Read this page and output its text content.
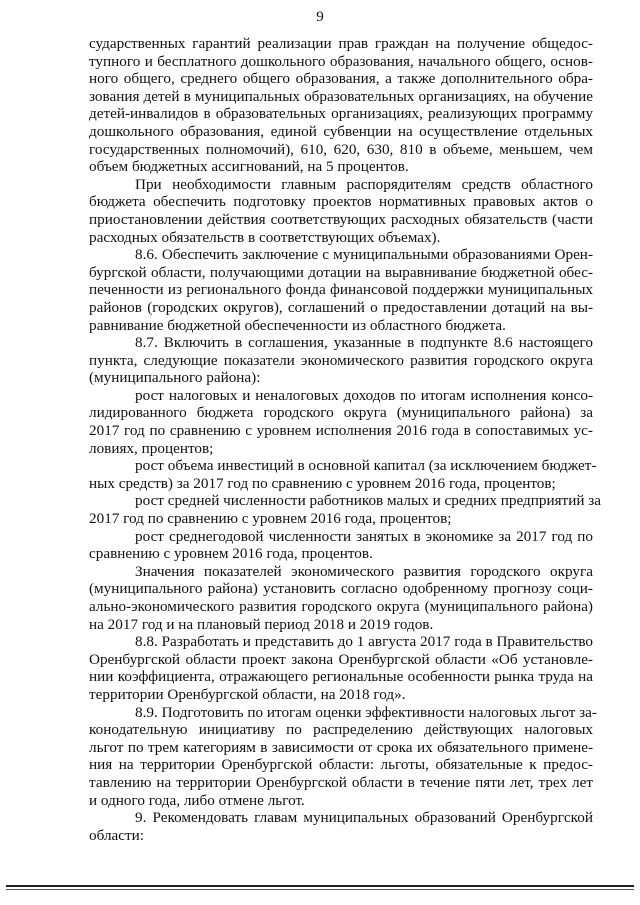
9

сударственных гарантий реализации прав граждан на получение общедос-
тупного и бесплатного дошкольного образования, начального общего, основ-
ного общего, среднего общего образования, а также дополнительного обра-
зования детей в муниципальных образовательных организациях, на обучение
детей-инвалидов в образовательных организациях, реализующих программу
дошкольного образования, единой субвенции на осуществление отдельных
государственных полномочий), 610, 620, 630, 810 в объеме, меньшем, чем
объем бюджетных ассигнований, на 5 процентов.

При необходимости главным распорядителям средств областного
бюджета обеспечить подготовку проектов нормативных правовых актов о
приостановлении действия соответствующих расходных обязательств (части
расходных обязательств в соответствующих объемах).

8.6. Обеспечить заключение с муниципальными образованиями Орен-
бургской области, получающими дотации на выравнивание бюджетной обес-
печенности из регионального фонда финансовой поддержки муниципальных
районов (городских округов), соглашений о предоставлении дотаций на вы-
равнивание бюджетной обеспеченности из областного бюджета.

8.7. Включить в соглашения, указанные в подпункте 8.6 настоящего
пункта, следующие показатели экономического развития городского округа
(муниципального района):

рост налоговых и неналоговых доходов по итогам исполнения консо-
лидированного бюджета городского округа (муниципального района) за
2017 год по сравнению с уровнем исполнения 2016 года в сопоставимых ус-
ловиях, процентов;

рост объема инвестиций в основной капитал (за исключением бюджет-
ных средств) за 2017 год по сравнению с уровнем 2016 года, процентов;

рост средней численности работников малых и средних предприятий за
2017 год по сравнению с уровнем 2016 года, процентов;

рост среднегодовой численности занятых в экономике за 2017 год по
сравнению с уровнем 2016 года, процентов.

Значения показателей экономического развития городского округа
(муниципального района) установить согласно одобренному прогнозу соци-
ально-экономического развития городского округа (муниципального района)
на 2017 год и на плановый период 2018 и 2019 годов.

8.8. Разработать и представить до 1 августа 2017 года в Правительство
Оренбургской области проект закона Оренбургской области «Об установле-
нии коэффициента, отражающего региональные особенности рынка труда на
территории Оренбургской области, на 2018 год».

8.9. Подготовить по итогам оценки эффективности налоговых льгот за-
конодательную инициативу по распределению действующих налоговых
льгот по трем категориям в зависимости от срока их обязательного примене-
ния на территории Оренбургской области: льготы, обязательные к предос-
тавлению на территории Оренбургской области в течение пяти лет, трех лет
и одного года, либо отмене льгот.

9. Рекомендовать главам муниципальных образований Оренбургской
области:
